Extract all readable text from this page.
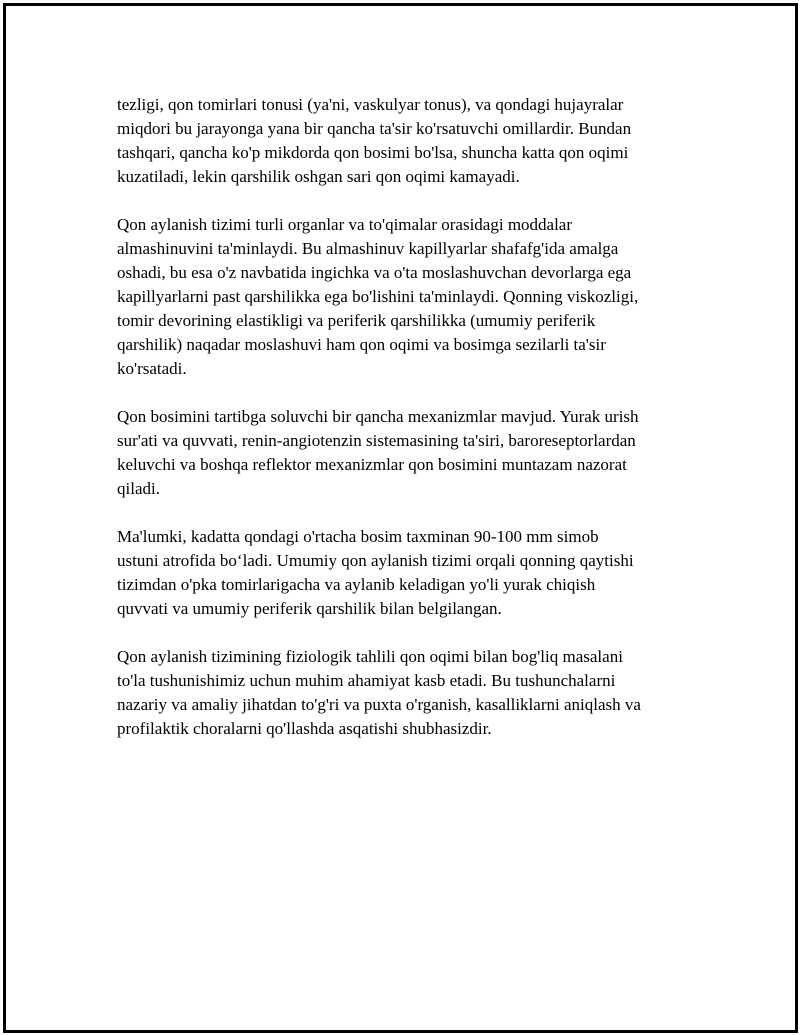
tezligi, qon tomirlari tonusi (ya'ni, vaskulyar tonus), va qondagi hujayralar
miqdori bu jarayonga yana bir qancha ta'sir ko'rsatuvchi omillardir. Bundan
tashqari, qancha ko'p mikdorda qon bosimi bo'lsa, shuncha katta qon oqimi
kuzatiladi, lekin qarshilik oshgan sari qon oqimi kamayadi.

Qon aylanish tizimi turli organlar va to'qimalar orasidagi moddalar
almashinuvini ta'minlaydi. Bu almashinuv kapillyarlar shafafg'ida amalga
oshadi, bu esa o'z navbatida ingichka va o'ta moslashuvchan devorlarga ega
kapillyarlarni past qarshilikka ega bo'lishini ta'minlaydi. Qonning viskozligi,
tomir devorining elastikligi va periferik qarshilikka (umumiy periferik
qarshilik) naqadar moslashuvi ham qon oqimi va bosimga sezilarli ta'sir
ko'rsatadi.

Qon bosimini tartibga soluvchi bir qancha mexanizmlar mavjud. Yurak urish
sur'ati va quvvati, renin-angiotenzin sistemasining ta'siri, baroreseptorlardan
keluvchi va boshqa reflektor mexanizmlar qon bosimini muntazam nazorat
qiladi.

Ma'lumki, kadatta qondagi o'rtacha bosim taxminan 90-100 mm simob
ustuni atrofida bo‘ladi. Umumiy qon aylanish tizimi orqali qonning qaytishi
tizimdan o'pka tomirlarigacha va aylanib keladigan yo'li yurak chiqish
quvvati va umumiy periferik qarshilik bilan belgilangan.

Qon aylanish tizimining fiziologik tahlili qon oqimi bilan bog'liq masalani
to'la tushunishimiz uchun muhim ahamiyat kasb etadi. Bu tushunchalarni
nazariy va amaliy jihatdan to'g'ri va puxta o'rganish, kasalliklarni aniqlash va
profilaktik choralarni qo'llashda asqatishi shubhasizdir.
